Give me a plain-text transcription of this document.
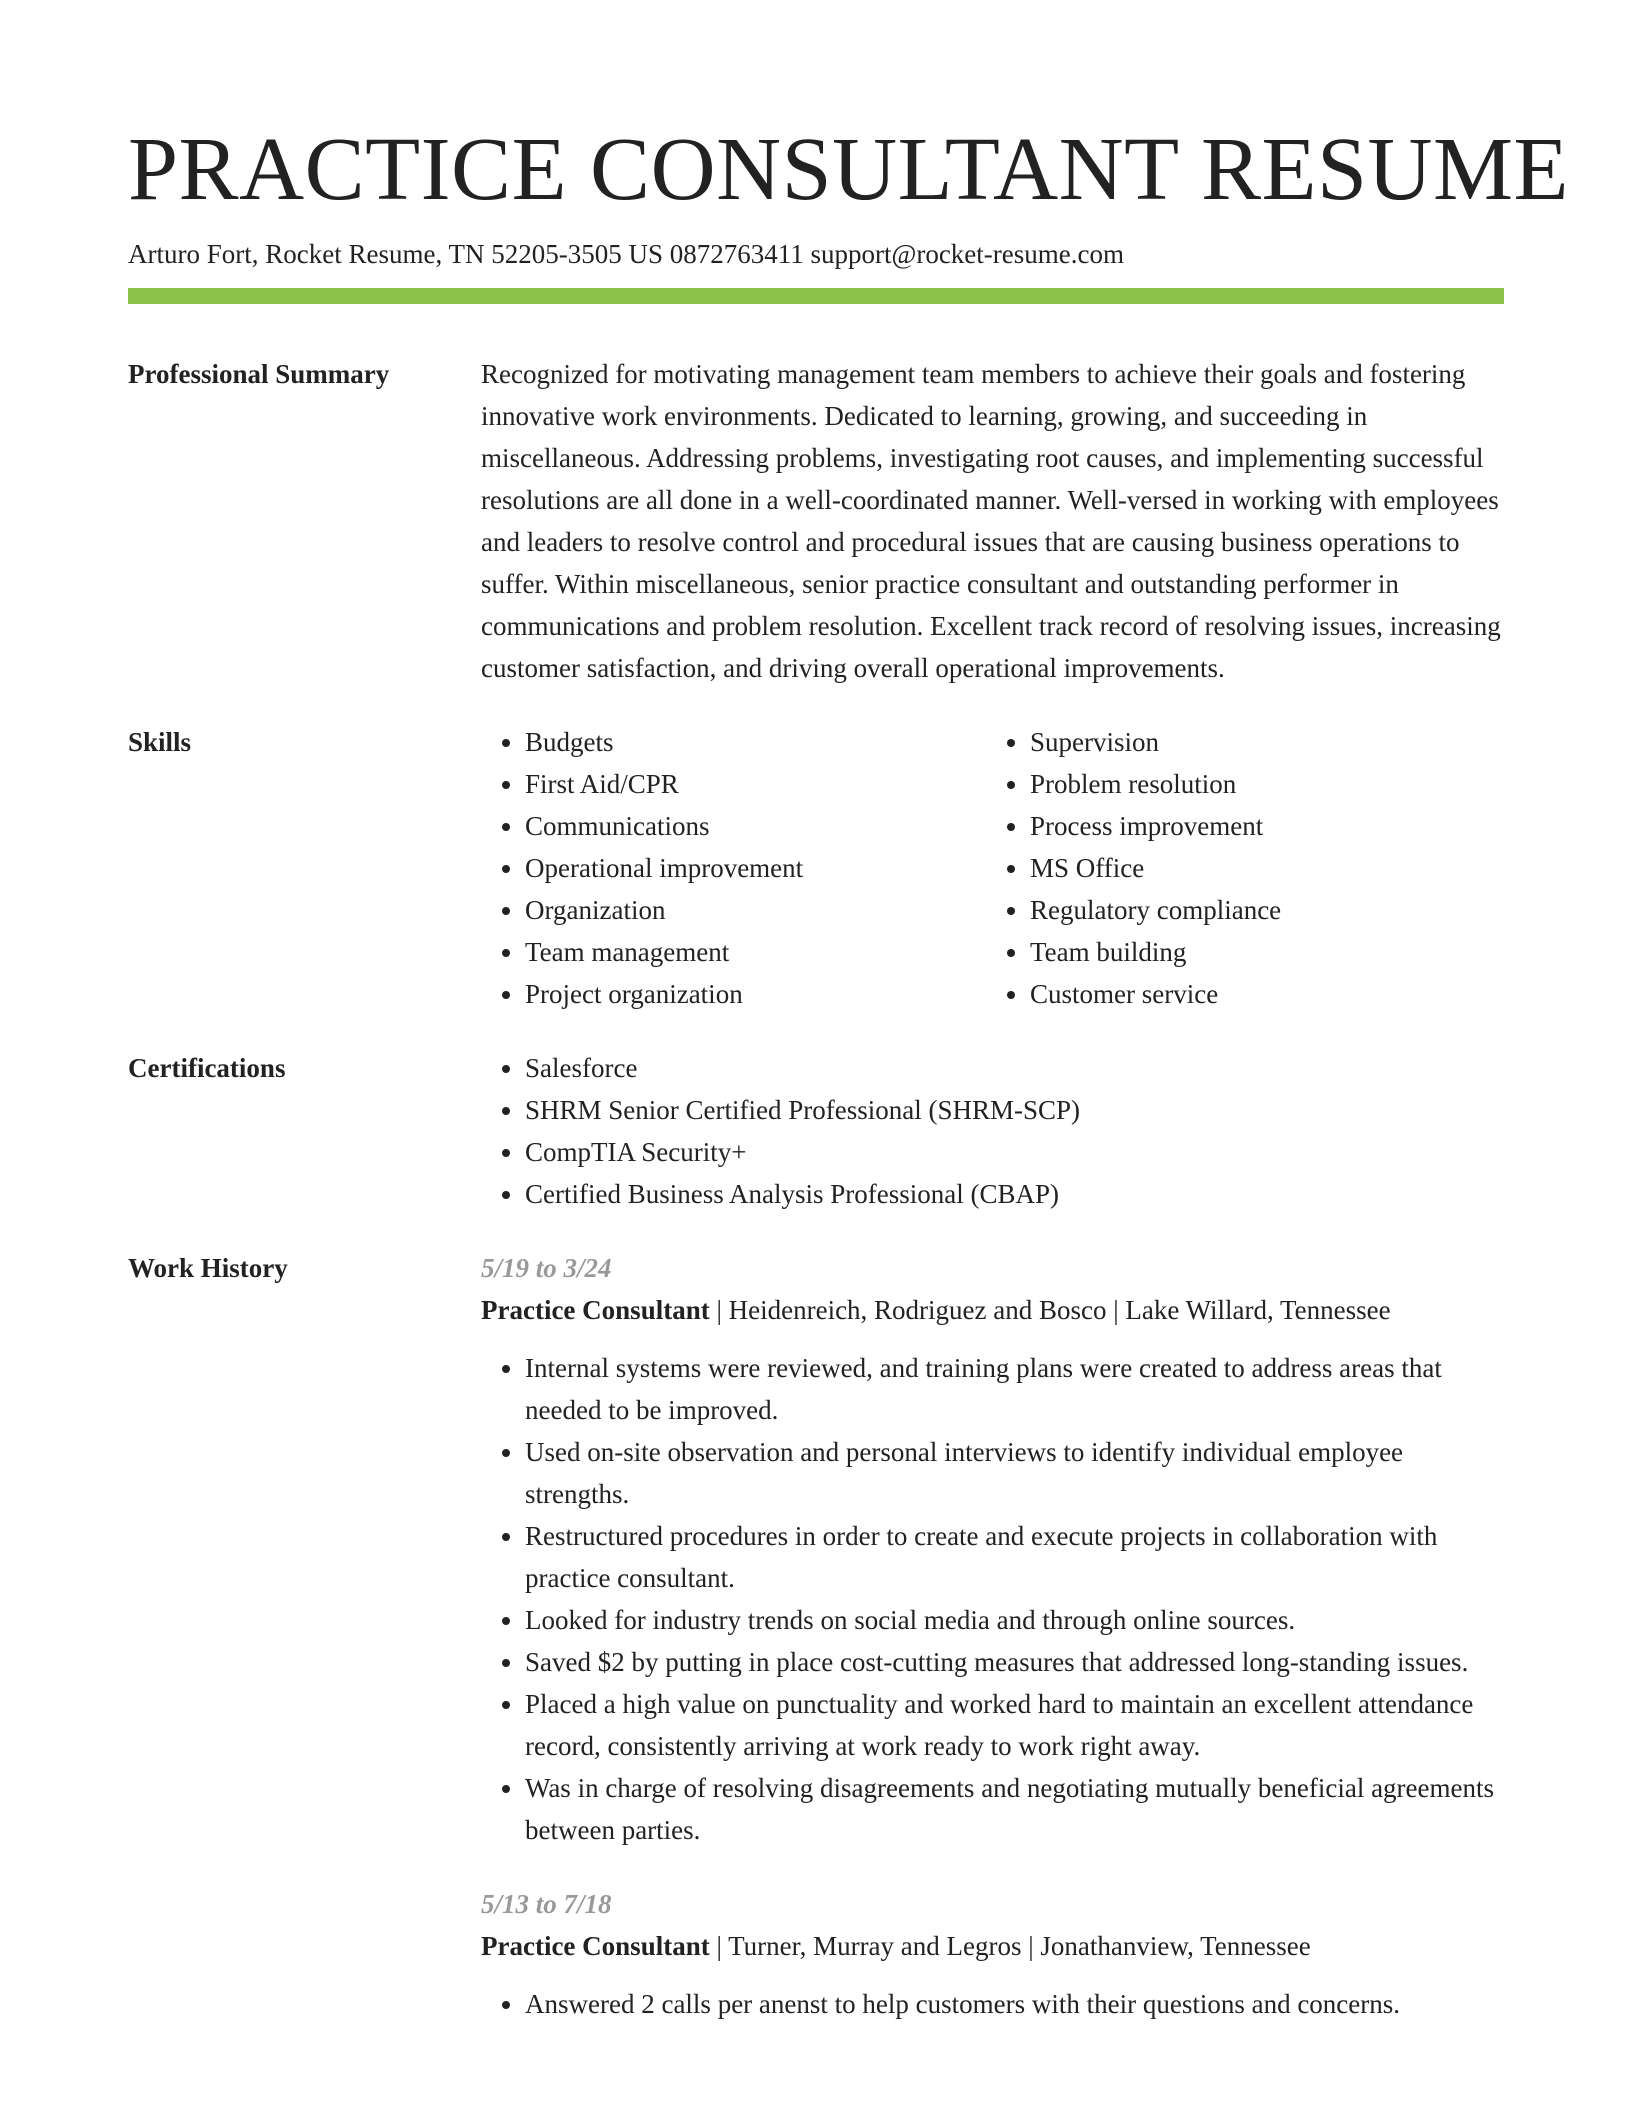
PRACTICE CONSULTANT RESUME
Arturo Fort, Rocket Resume, TN 52205-3505 US 0872763411 support@rocket-resume.com
Professional Summary	Recognized for motivating management team members to achieve their goals and fostering innovative work environments. Dedicated to learning, growing, and succeeding in miscellaneous. Addressing problems, investigating root causes, and implementing successful resolutions are all done in a well-coordinated manner. Well-versed in working with employees and leaders to resolve control and procedural issues that are causing business operations to suffer. Within miscellaneous, senior practice consultant and outstanding performer in communications and problem resolution. Excellent track record of resolving issues, increasing customer satisfaction, and driving overall operational improvements.
Skills	• Budgets
• First Aid/CPR
• Communications
• Operational improvement
• Organization
• Team management
• Project organization
• Supervision
• Problem resolution
• Process improvement
• MS Office
• Regulatory compliance
• Team building
• Customer service
Certifications	• Salesforce
• SHRM Senior Certified Professional (SHRM-SCP)
• CompTIA Security+
• Certified Business Analysis Professional (CBAP)
Work History	5/19 to 3/24
Practice Consultant | Heidenreich, Rodriguez and Bosco | Lake Willard, Tennessee
• Internal systems were reviewed, and training plans were created to address areas that needed to be improved.
• Used on-site observation and personal interviews to identify individual employee strengths.
• Restructured procedures in order to create and execute projects in collaboration with practice consultant.
• Looked for industry trends on social media and through online sources.
• Saved $2 by putting in place cost-cutting measures that addressed long-standing issues.
• Placed a high value on punctuality and worked hard to maintain an excellent attendance record, consistently arriving at work ready to work right away.
• Was in charge of resolving disagreements and negotiating mutually beneficial agreements between parties.
5/13 to 7/18
Practice Consultant | Turner, Murray and Legros | Jonathanview, Tennessee
• Answered 2 calls per anenst to help customers with their questions and concerns.
